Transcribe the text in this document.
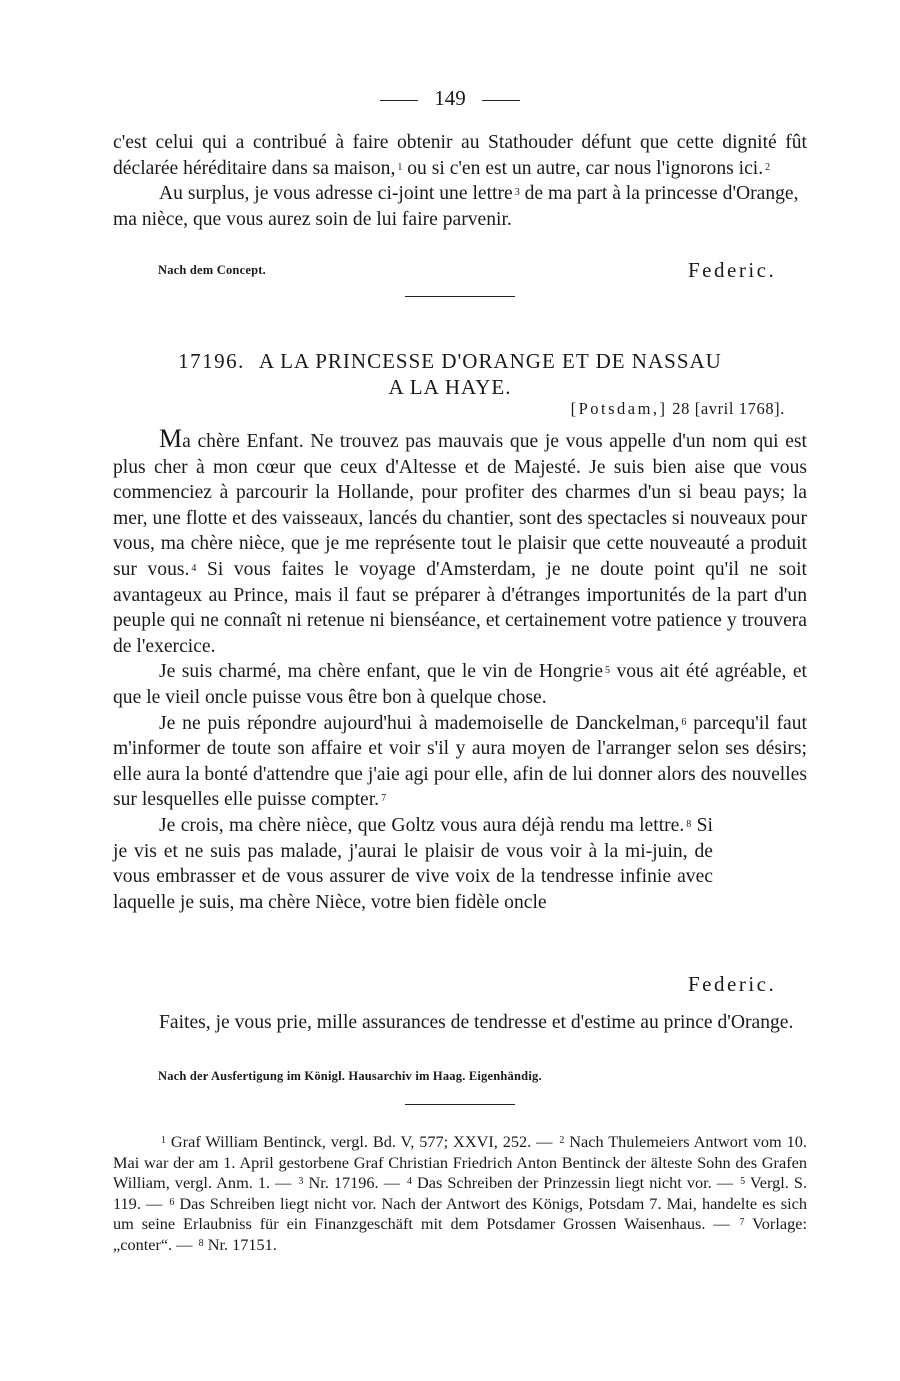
149

c'est celui qui a contribué à faire obtenir au Stathouder défunt que cette dignité fût déclarée héréditaire dans sa maison, $^1$ ou si c'en est un autre, car nous l'ignorons ici. $^2$

Au surplus, je vous adresse ci-joint une lettre $^3$ de ma part à la princesse d'Orange, ma nièce, que vous aurez soin de lui faire parvenir.

Nach dem Concept.	Federic.
17196. A LA PRINCESSE D'ORANGE ET DE NASSAU
A LA HAYE.
[Potsdam,] 28 [avril 1768].

Ma chère Enfant. Ne trouvez pas mauvais que je vous appelle d'un nom qui est plus cher à mon cœur que ceux d'Altesse et de Majesté. Je suis bien aise que vous commenciez à parcourir la Hollande, pour profiter des charmes d'un si beau pays; la mer, une flotte et des vaisseaux, lancés du chantier, sont des spectacles si nouveaux pour vous, ma chère nièce, que je me représente tout le plaisir que cette nouveauté a produit sur vous. $^4$ Si vous faites le voyage d'Amsterdam, je ne doute point qu'il ne soit avantageux au Prince, mais il faut se préparer à d'étranges importunités de la part d'un peuple qui ne connaît ni retenue ni bienséance, et certainement votre patience y trouvera de l'exercice.

Je suis charmé, ma chère enfant, que le vin de Hongrie $^5$ vous ait été agréable, et que le vieil oncle puisse vous être bon à quelque chose.

Je ne puis répondre aujourd'hui à mademoiselle de Danckelman, $^6$ parcequ'il faut m'informer de toute son affaire et voir s'il y aura moyen de l'arranger selon ses désirs; elle aura la bonté d'attendre que j'aie agi pour elle, afin de lui donner alors des nouvelles sur lesquelles elle puisse compter. $^7$

Je crois, ma chère nièce, que Goltz vous aura déjà rendu ma lettre. $^8$ Si je vis et ne suis pas malade, j'aurai le plaisir de vous voir à la mi-juin, de vous embrasser et de vous assurer de vive voix de la tendresse infinie avec laquelle je suis, ma chère Nièce, votre bien fidèle oncle

Federic.

Faites, je vous prie, mille assurances de tendresse et d'estime au prince d'Orange.

Nach der Ausfertigung im Königl. Hausarchiv im Haag. Eigenhändig.

$^1$ Graf William Bentinck, vergl. Bd. V, 577; XXVI, 252. — $^2$ Nach Thulemeiers Antwort vom 10. Mai war der am 1. April gestorbene Graf Christian Friedrich Anton Bentinck der älteste Sohn des Grafen William, vergl. Anm. 1. — $^3$ Nr. 17196. — $^4$ Das Schreiben der Prinzessin liegt nicht vor. — $^5$ Vergl. S. 119. — $^6$ Das Schreiben liegt nicht vor. Nach der Antwort des Königs, Potsdam 7. Mai, handelte es sich um seine Erlaubniss für ein Finanzgeschäft mit dem Potsdamer Grossen Waisenhaus. — $^7$ Vorlage: „conter“. — $^8$ Nr. 17151.
